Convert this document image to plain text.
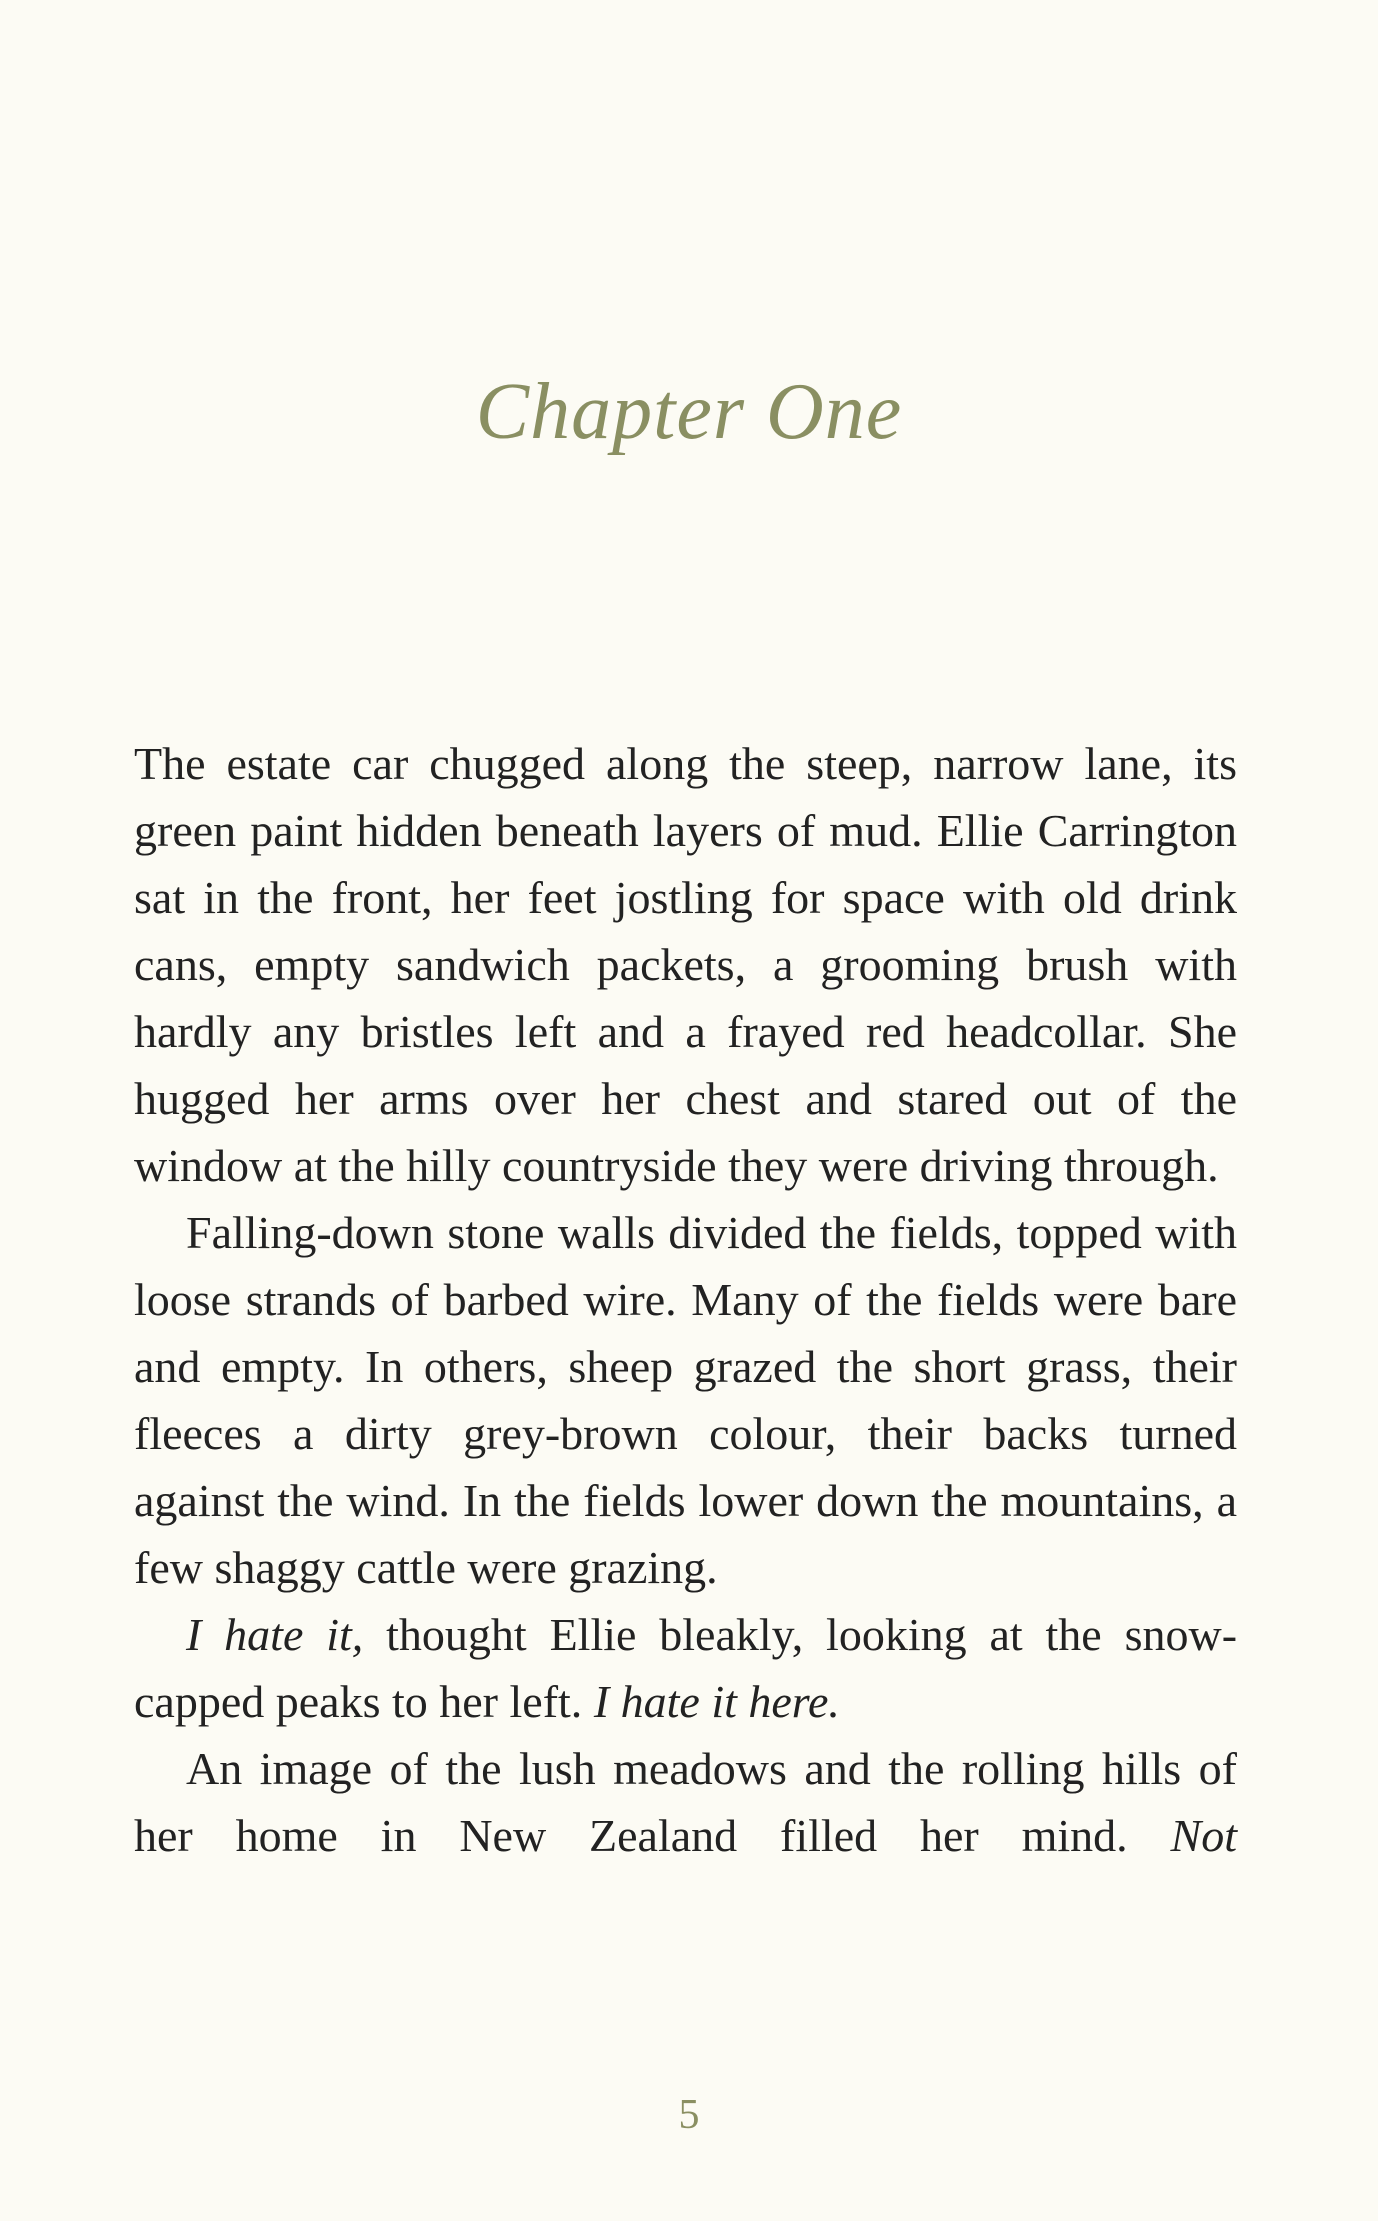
Chapter One

The estate car chugged along the steep, narrow lane, its green paint hidden beneath layers of mud. Ellie Carrington sat in the front, her feet jostling for space with old drink cans, empty sandwich packets, a grooming brush with hardly any bristles left and a frayed red headcollar. She hugged her arms over her chest and stared out of the window at the hilly countryside they were driving through.

Falling-down stone walls divided the fields, topped with loose strands of barbed wire. Many of the fields were bare and empty. In others, sheep grazed the short grass, their fleeces a dirty grey-brown colour, their backs turned against the wind. In the fields lower down the mountains, a few shaggy cattle were grazing.

I hate it, thought Ellie bleakly, looking at the snow-capped peaks to her left. I hate it here.

An image of the lush meadows and the rolling hills of her home in New Zealand filled her mind. Not

5
